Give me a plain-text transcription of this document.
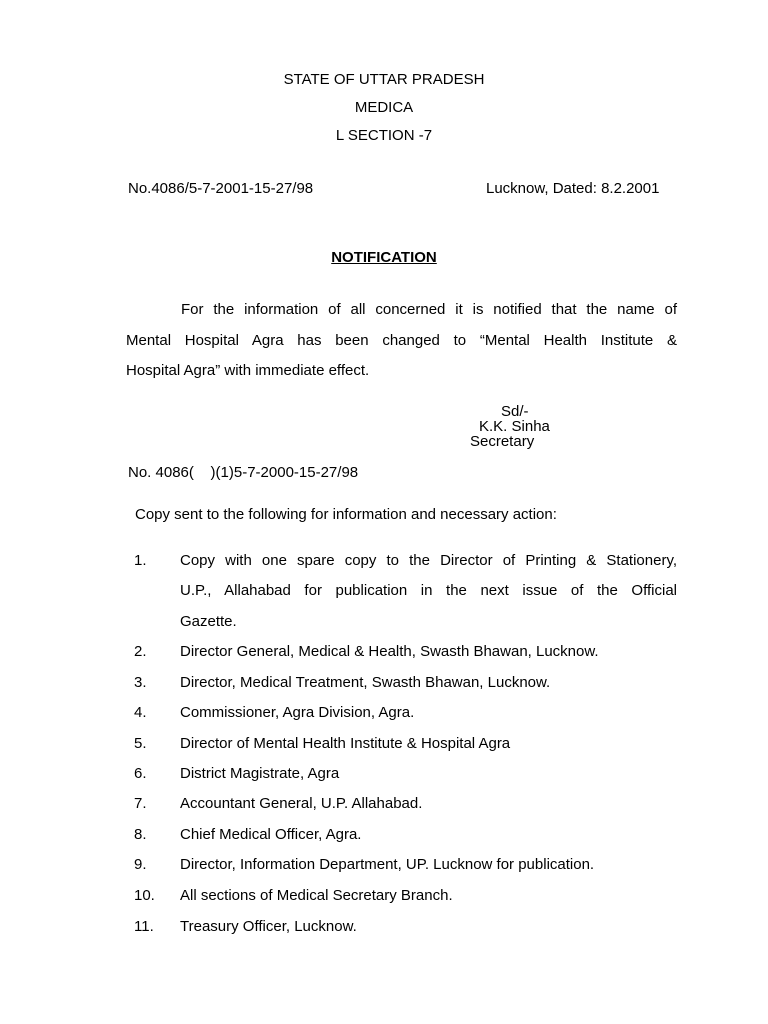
STATE OF UTTAR PRADESH
MEDICA
L SECTION -7
No.4086/5-7-2001-15-27/98	Lucknow, Dated: 8.2.2001
NOTIFICATION
For the information of all concerned it is notified that the name of
Mental Hospital Agra has been changed to “Mental Health Institute &
Hospital Agra” with immediate effect.
Sd/-
K.K. Sinha
Secretary
No. 4086(    )(1)5-7-2000-15-27/98
Copy sent to the following for information and necessary action:
1.	Copy with one spare copy to the Director of Printing & Stationery,
U.P., Allahabad for publication in the next issue of the Official
Gazette.
2.	Director General, Medical & Health, Swasth Bhawan, Lucknow.
3.	Director, Medical Treatment, Swasth Bhawan, Lucknow.
4.	Commissioner, Agra Division, Agra.
5.	Director of Mental Health Institute & Hospital Agra
6.	District Magistrate, Agra
7.	Accountant General, U.P. Allahabad.
8.	Chief Medical Officer, Agra.
9.	Director, Information Department, UP. Lucknow for publication.
10.	All sections of Medical Secretary Branch.
11.	Treasury Officer, Lucknow.
